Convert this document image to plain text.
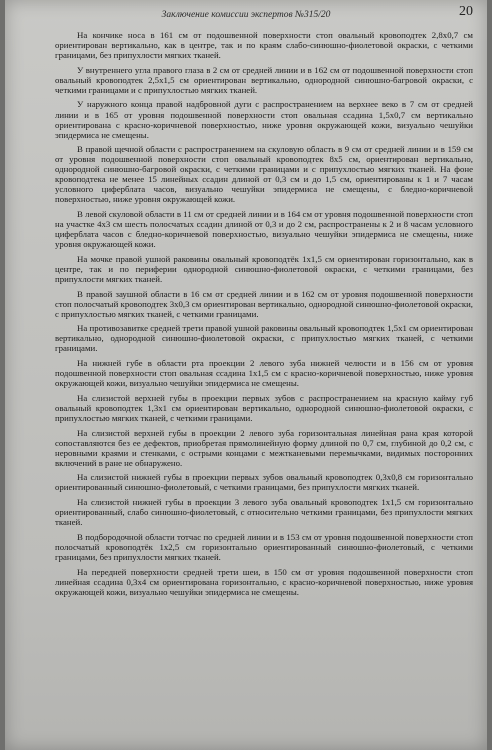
Заключение комиссии экспертов №315/20	20

На кончике носа в 161 см от подошвенной поверхности стоп овальный кровоподтек 2,8х0,7 см ориентирован вертикально, как в центре, так и по краям слабо-синюшно-фиолетовой окраски, с четкими границами, без припухлости мягких тканей.

У внутреннего угла правого глаза в 2 см от средней линии и в 162 см от подошвенной поверхности стоп овальный кровоподтек 2,5х1,5 см ориентирован вертикально, однородной синюшно-багровой окраски, с четкими границами и с припухлостью мягких тканей.

У наружного конца правой надбровной дуги с распространением на верхнее веко в 7 см от средней линии и в 165 от уровня подошвенной поверхности стоп овальная ссадина 1,5х0,7 см вертикально ориентирована с красно-коричневой поверхностью, ниже уровня окружающей кожи, визуально чешуйки эпидермиса не смещены.

В правой щечной области с распространением на скуловую область в 9 см от средней линии и в 159 см от уровня подошвенной поверхности стоп овальный кровоподтек 8х5 см, ориентирован вертикально, однородной синюшно-багровой окраски, с четкими границами и с припухлостью мягких тканей. На фоне кровоподтека не менее 15 линейных ссадин длиной от 0,3 см и до 1,5 см, ориентированы к 1 и 7 часам условного циферблата часов, визуально чешуйки эпидермиса не смещены, с бледно-коричневой поверхностью, ниже уровня окружающей кожи.

В левой скуловой области в 11 см от средней линии и в 164 см от уровня подошвенной поверхности стоп на участке 4х3 см шесть полосчатых ссадин длиной от 0,3 и до 2 см, распространены к 2 и 8 часам условного циферблата часов с бледно-коричневой поверхностью, визуально чешуйки эпидермиса не смещены, ниже уровня окружающей кожи.

На мочке правой ушной раковины овальный кровоподтёк 1х1,5 см ориентирован горизонтально, как в центре, так и по периферии однородной синюшно-фиолетовой окраски, с четкими границами, без припухлости мягких тканей.

В правой заушной области в 16 см от средней линии и в 162 см от уровня подошвенной поверхности стоп полосчатый кровоподтек 3х0,3 см ориентирован вертикально, однородной синюшно-фиолетовой окраски, с припухлостью мягких тканей, с четкими границами.

На противозавитке средней трети правой ушной раковины овальный кровоподтек 1,5х1 см ориентирован вертикально, однородной синюшно-фиолетовой окраски, с припухлостью мягких тканей, с четкими границами.

На нижней губе в области рта проекции 2 левого зуба нижней челюсти и в 156 см от уровня подошвенной поверхности стоп овальная ссадина 1х1,5 см с красно-коричневой поверхностью, ниже уровня окружающей кожи, визуально чешуйки эпидермиса не смещены.

На слизистой верхней губы в проекции первых зубов с распространением на красную кайму губ овальный кровоподтек 1,3х1 см ориентирован вертикально, однородной синюшно-фиолетовой окраски, с припухлостью мягких тканей, с четкими границами.

На слизистой верхней губы в проекции 2 левого зуба горизонтальная линейная рана края которой сопоставляются без ее дефектов, приобретая прямолинейную форму длиной по 0,7 см, глубиной до 0,2 см, с неровными краями и стенками, с острыми концами с межтканевыми перемычками, видимых посторонних включений в ране не обнаружено.

На слизистой нижней губы в проекции первых зубов овальный кровоподтек 0,3х0,8 см горизонтально ориентированный синюшно-фиолетовый, с четкими границами, без припухлости мягких тканей.

На слизистой нижней губы в проекции 3 левого зуба овальный кровоподтек 1х1,5 см горизонтально ориентированный, слабо синюшно-фиолетовый, с относительно четкими границами, без припухлости мягких тканей.

В подбородочной области тотчас по средней линии и в 153 см от уровня подошвенной поверхности стоп полосчатый кровоподтёк 1х2,5 см горизонтально ориентированный синюшно-фиолетовый, с четкими границами, без припухлости мягких тканей.

На передней поверхности средней трети шеи, в 150 см от уровня подошвенной поверхности стоп линейная ссадина 0,3х4 см ориентирована горизонтально, с красно-коричневой поверхностью, ниже уровня окружающей кожи, визуально чешуйки эпидермиса не смещены.
